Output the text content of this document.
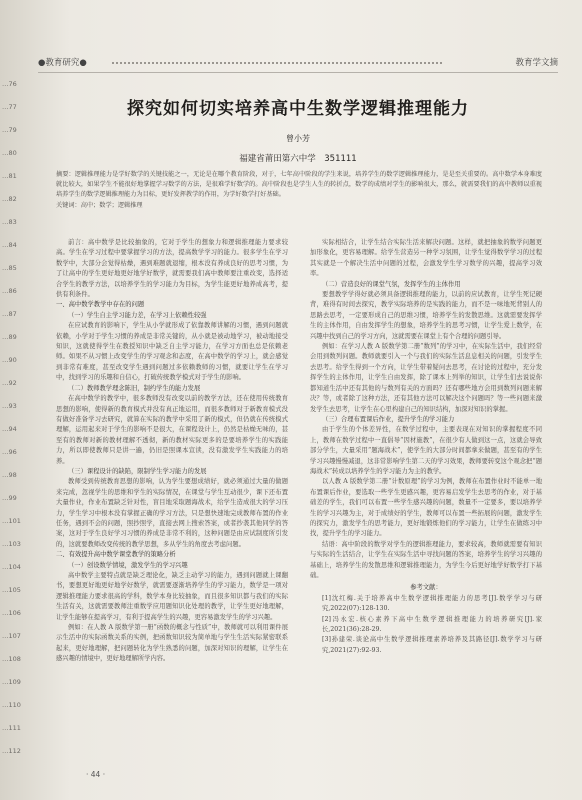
…76
…77
…79
…80
…81
…82
…83
…84
…85
…86
…87
…89
…90
…92
…93
…94
…96
…98
…99
…101
…103
…104
…105
…106
…107
…108
…109
…110
…111
…112
●教育研究●	教育学文摘
探究如何切实培养高中生数学逻辑推理能力
曾小芳
福建省莆田第六中学　351111
摘要：逻辑推理能力是学好数学的关键技能之一，无论是在哪个教育阶段，对于，七年高中阶段的学生来说，培养学生的数学逻辑推理能力，是是至关重要的。高中数学本身难度就比较大，如果学生不能很好地掌握学习数学的方法，是很难学好数学的。高中阶段也是学生人生的转折点，数学的成绩对学生的影响很大，那么，就需要我们的高中教师以重视培养学生的数学逻辑推理能力为目标，更好发挥教学的作用，为学好数学打好基础。
关键词：高中；数学；逻辑推理

前言：高中数学是比较抽象的，它对于学生的想象力和逻辑推理能力要求较高。学生在学习过程中要掌握学习的方法，提高数学学习的能力。很多学生在学习数学中，大部分会觉得枯燥，遇到难题就退缩，根本没有养成良好的思考习惯，为了让高中的学生更好地更好地学好数学，就需要我们高中教师要注重改变，选择适合学生的教学方法，以培养学生的学习能力为目标，为学生能更好地养成高考，提供有利条件。

一、高中数学教学中存在的问题

（一）学生自主学习能力差，在学习上依赖性较强

在应试教育的影响下，学生从小学就形成了依靠教师讲解的习惯，遇到问题就依赖，小学对于学生习惯的养成是非常关键的，从小就是被动地学习，被动地接受知识，这就使得学生在教授知识中缺乏自主学习能力，在学习方面也总是依赖老师。如果不从习惯上改变学生的学习观念和态度，在高中数学的学习上，就会感觉到非常有难度，甚至改变学生遇到问题过多依赖教师的习惯，就要让学生在学习中，找到学习的乐趣和自信心，打破传统教学模式对于学生的影响。

（二）教师教学理念陈旧，制约学生的能力发展

在高中数学的教学中，很多教师没有改变以前的教学方法，还在使用传统教育思想的影响，使得新的教育模式并没有真正地运用，而很多教师对于新教育模式没有做好准备学习去研究，就算在实际的教学中采用了新的模式，但仍就在传统模式理解，运用起来对于学生的影响不是很大，在课程设计上，仍然是枯燥无味的，甚至有的教师对新的教材理解不透彻，新的教材实际更多的是要培养学生的实践能力，所以即使教师只是讲一遍，仍旧是照课本宣读，没有激发学生实践能力的培养。

（三）课程设计的缺陷，限制学生学习能力的发展

教师受到传统教育思想的影响，认为学生要想成绩好，就必须通过大量的做题来完成，忽视学生的思维和学生的实际情况，在课堂与学生互动很少，课下还布置大量作业，作业布置缺乏针对性，盲目地采取题海战术，给学生造成很大的学习压力，学生学习中根本没有掌握正确的学习方法，只是想快速地完成教师布置的作业任务，遇到不会的问题，照抄照学，直接去网上搜索答案，或者抄袭其他同学的答案，这对于学生良好学习习惯的养成是非常不利的，这种问题是由应试制度所引发的，这就要教师改变传统的教学思想，多从学生的角度去考虑问题。

二、有效提升高中数学课堂教学的策略分析

（一）创设数学情境，激发学生的学习兴趣

高中数学主要特点就是缺乏理论化，缺乏主动学习的能力，遇到问题就上课翻书，要想更好地更好地学好数学，就需要逐渐培养学生的学习能力，数学是一项对逻辑推理能力要求很高的学科，数学本身比较抽象，而且很多知识都与我们的实际生活有关，这就需要教师注重数学应用题知识化处理的教学，让学生更好地理解，让学生能够在提高学习，有利于提高学生的兴趣，更容易激发学生的学习兴趣。

例如：在人教 A 版数学第一册“函数的概念与性质”中，教师就可以利用课件展示生活中的实际函数关系的实例，把函数知识较为简单地与学生生活实际紧密联系起来，更好地理解，把问题转化为学生熟悉的问题，加深对知识的理解，让学生在感兴趣的情境中，更好地理解所学内容。

实际相结合，让学生结合实际生活来解决问题。这样，就把抽象的数学问题更加形象化，更容易理解。给学生营造另一种学习氛围，让学生觉得数学学习的过程其实就是一个解决生活中问题的过程，会激发学生学习数学的兴趣，提高学习效率。

（二）营造良好的课堂气氛，发挥学生的主体作用

要想教学学得好就必须具备逻辑推理的能力，以前的应试教育，让学生死记硬背，难得有时间去探究，教学实际培养的是实践的能力，而不是一味地死背别人的思路去思考，一定要形成自己的思维习惯，培养学生的发散思维。这就需要发挥学生的主体作用，自由发挥学生的想象，培养学生的思考习惯，让学生爱上数学，在兴趣中找到自己的学习方向，这就需要在课堂上有个合理的问题引导。

例如：在学习人教 A 版数学第二册“数列”的学习中，在实际生活中，我们经常会用到数列问题。教师就要引入一个与我们的实际生活息息相关的问题，引发学生去思考。给学生得到一个方向，让学生带着疑问去思考，在讨论的过程中，充分发挥学生的主体作用，让学生自由发挥，除了课本上列举的知识，让学生们去说说你都知道生活中还有其他的与数列有关的方面吗？还有哪些地方会用到数列问题来解决？等，或者除了这种方法，还有其他方法可以解决这个问题吗？等一些问题来激发学生去思考，让学生在心里构建自己的知识结构，加深对知识的掌握。

（三）合理布置课后作业，提升学生的学习能力

由于学生的个体差异性，在数学过程中，主要表现在对知识的掌握程度不同上，教师在数学过程中一直倡导“因材施教”，在很少有人做到这一点，这就会导致部分学生，大量采用“题海战术”，使学生的大部分时间都拿来做题，甚至有的学生学习兴趣慢慢减退，这非常影响学生第二天的学习效果，教师要转变这个观念把“题海战术”转成以培养学生的学习能力为主的教学。

以人教 A 版数学第二册“计数原理”的学习为例，教师在布置作业时不能单一地布置课后作业，要选取一些学生更感兴趣，更容易启发学生去思考的作业，对于基础差的学生，我们可以布置一些学生感兴趣的问题，数量不一定要多，要以培养学生的学习兴趣为主，对于成绩好的学生，教师可以布置一些拓展的问题，激发学生的探究力，激发学生的思考能力，更好地锻炼他们的学习能力，让学生在做练习中找，提升学生的学习能力。

结语：高中阶段的数学对学生的逻辑推理能力，要求较高，教师就需要有知识与实际的生活结合，让学生在实际生活中寻找问题的答案，培养学生的学习兴趣的基础上，培养学生的发散思维和逻辑推理能力，为学生今后更好地学好数学打下基础。

参考文献：

[1]沈红梅.关于培养高中生数学逻辑推理能力的思考[J].数学学习与研究,2022(07):128-130.

[2]冯永宏.核心素养下高中生数学逻辑推理能力的培养研究[J].家长,2021(36):28-29.

[3]孙建荣.谈论高中生数学逻辑推理素养培养及其路径[J].数学学习与研究,2021(27):92-93.

· 44 ·
